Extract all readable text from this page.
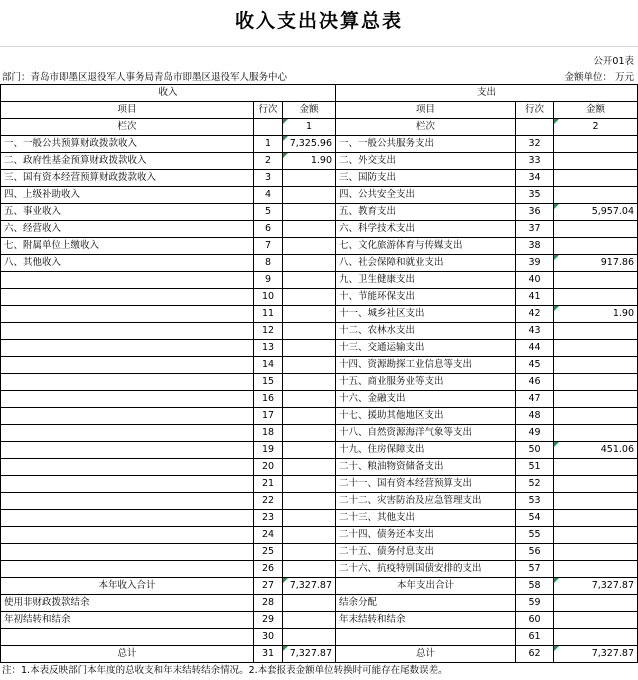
收入支出决算总表
公开01表
部门：青岛市即墨区退役军人事务局青岛市即墨区退役军人服务中心	金额单位： 万元
收入			支出		
项目	行次	金额	项目	行次	金额
栏次		1	栏次		2
一、一般公共预算财政拨款收入	1	7,325.96	一、一般公共服务支出	32	
二、政府性基金预算财政拨款收入	2	1.90	二、外交支出	33	
三、国有资本经营预算财政拨款收入	3		三、国防支出	34	
四、上级补助收入	4		四、公共安全支出	35	
五、事业收入	5		五、教育支出	36	5,957.04
六、经营收入	6		六、科学技术支出	37	
七、附属单位上缴收入	7		七、文化旅游体育与传媒支出	38	
八、其他收入	8		八、社会保障和就业支出	39	917.86
	9		九、卫生健康支出	40	
	10		十、节能环保支出	41	
	11		十一、城乡社区支出	42	1.90
	12		十二、农林水支出	43	
	13		十三、交通运输支出	44	
	14		十四、资源勘探工业信息等支出	45	
	15		十五、商业服务业等支出	46	
	16		十六、金融支出	47	
	17		十七、援助其他地区支出	48	
	18		十八、自然资源海洋气象等支出	49	
	19		十九、住房保障支出	50	451.06
	20		二十、粮油物资储备支出	51	
	21		二十一、国有资本经营预算支出	52	
	22		二十二、灾害防治及应急管理支出	53	
	23		二十三、其他支出	54	
	24		二十四、债务还本支出	55	
	25		二十五、债务付息支出	56	
	26		二十六、抗疫特别国债安排的支出	57	
本年收入合计	27	7,327.87	本年支出合计	58	7,327.87
使用非财政拨款结余	28		结余分配	59	
年初结转和结余	29		年末结转和结余	60	
	30			61	
总计	31	7,327.87	总计	62	7,327.87
注：1.本表反映部门本年度的总收支和年末结转结余情况。2.本套报表金额单位转换时可能存在尾数误差。
